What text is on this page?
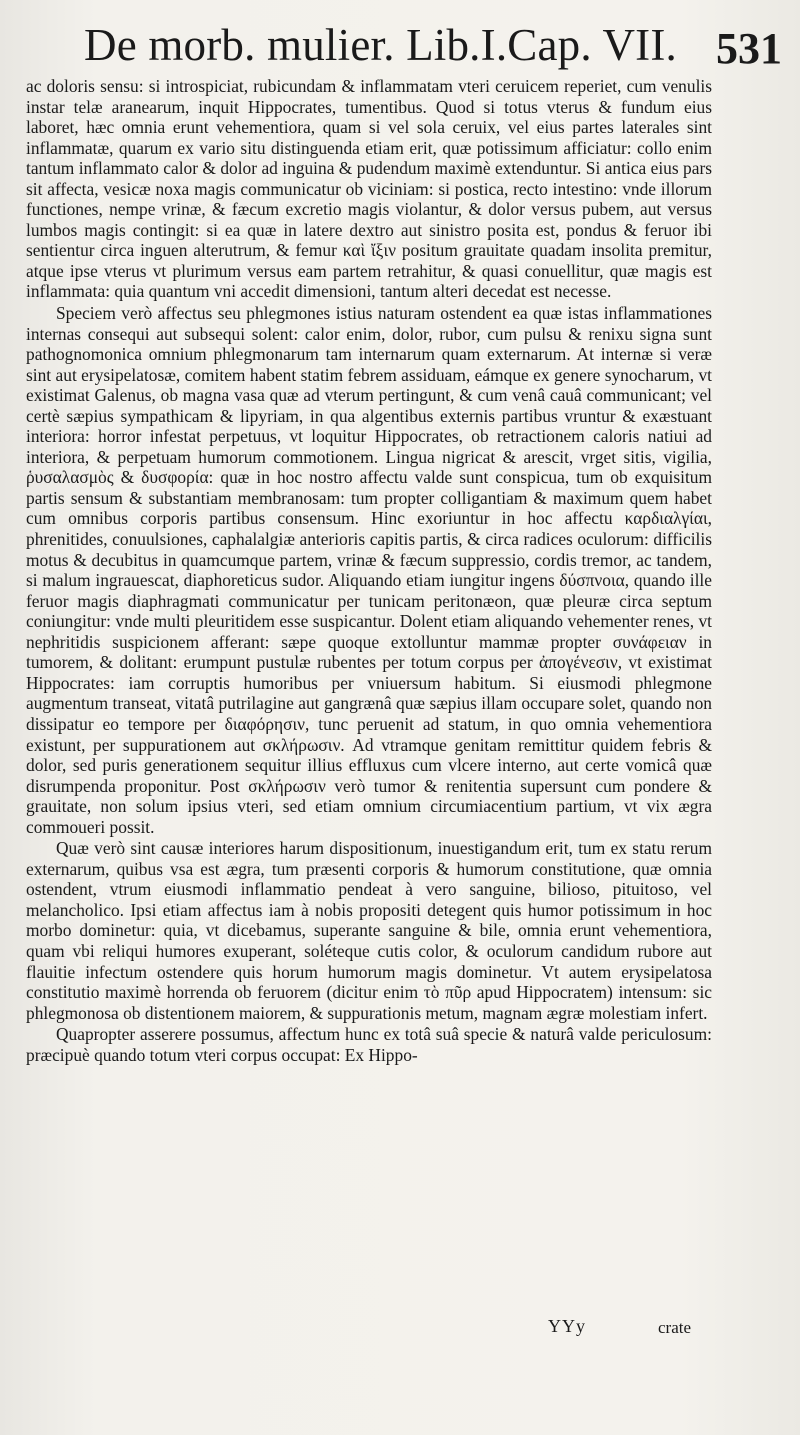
De morb. mulier. Lib.I.Cap. VII. 531

ac doloris sensu: si introspiciat, rubicundam & inflammatam vteri ceruicem reperiet, cum venulis instar telæ aranearum, inquit Hippocrates, tumentibus. Quod si totus vterus & fundum eius laboret, hæc omnia erunt vehementiora, quam si vel sola ceruix, vel eius partes laterales sint inflammatæ, quarum ex vario situ distinguenda etiam erit, quæ potissimum afficiatur: collo enim tantum inflammato calor & dolor ad inguina & pudendum maximè extenduntur. Si antica eius pars sit affecta, vesicæ noxa magis communicatur ob viciniam: si postica, recto intestino: vnde illorum functiones, nempe vrinæ, & fæcum excretio magis violantur, & dolor versus pubem, aut versus lumbos magis contingit: si ea quæ in latere dextro aut sinistro posita est, pondus & feruor ibi sentientur circa inguen alterutrum, & femur καὶ ἴξιν positum grauitate quadam insolita premitur, atque ipse vterus vt plurimum versus eam partem retrahitur, & quasi conuellitur, quæ magis est inflammata: quia quantum vni accedit dimensioni, tantum alteri decedat est necesse.

Speciem verò affectus seu phlegmones istius naturam ostendent ea quæ istas inflammationes internas consequi aut subsequi solent: calor enim, dolor, rubor, cum pulsu & renixu signa sunt pathognomonica omnium phlegmonarum tam internarum quam externarum. At internæ si veræ sint aut erysipelatosæ, comitem habent statim febrem assiduam, eámque ex genere synocharum, vt existimat Galenus, ob magna vasa quæ ad vterum pertingunt, & cum venâ cauâ communicant; vel certè sæpius sympathicam & lipyriam, in qua algentibus externis partibus vruntur & exæstuant interiora: horror infestat perpetuus, vt loquitur Hippocrates, ob retractionem caloris natiui ad interiora, & perpetuam humorum commotionem. Lingua nigricat & arescit, vrget sitis, vigilia, ῥυσαλασμὸς & δυσφορία: quæ in hoc nostro affectu valde sunt conspicua, tum ob exquisitum partis sensum & substantiam membranosam: tum propter colligantiam & maximum quem habet cum omnibus corporis partibus consensum. Hinc exoriuntur in hoc affectu καρδιαλγίαι, phrenitides, conuulsiones, caphalalgiæ anterioris capitis partis, & circa radices oculorum: difficilis motus & decubitus in quamcumque partem, vrinæ & fæcum suppressio, cordis tremor, ac tandem, si malum ingrauescat, diaphoreticus sudor. Aliquando etiam iungitur ingens δύσπνοια, quando ille feruor magis diaphragmati communicatur per tunicam peritonæon, quæ pleuræ circa septum coniungitur: vnde multi pleuritidem esse suspicantur. Dolent etiam aliquando vehementer renes, vt nephritidis suspicionem afferant: sæpe quoque extolluntur mammæ propter συνάφειαν in tumorem, & dolitant: erumpunt pustulæ rubentes per totum corpus per ἀπογένεσιν, vt existimat Hippocrates: iam corruptis humoribus per vniuersum habitum. Si eiusmodi phlegmone augmentum transeat, vitatâ putrilagine aut gangrænâ quæ sæpius illam occupare solet, quando non dissipatur eo tempore per διαφόρησιν, tunc peruenit ad statum, in quo omnia vehementiora existunt, per suppurationem aut σκλήρωσιν. Ad vtramque genitam remittitur quidem febris & dolor, sed puris generationem sequitur illius effluxus cum vlcere interno, aut certe vomicâ quæ disrumpenda proponitur. Post σκλήρωσιν verò tumor & renitentia supersunt cum pondere & grauitate, non solum ipsius vteri, sed etiam omnium circumiacentium partium, vt vix ægra commoueri possit.

Quæ verò sint causæ interiores harum dispositionum, inuestigandum erit, tum ex statu rerum externarum, quibus vsa est ægra, tum præsenti corporis & humorum constitutione, quæ omnia ostendent, vtrum eiusmodi inflammatio pendeat à vero sanguine, bilioso, pituitoso, vel melancholico. Ipsi etiam affectus iam à nobis propositi detegent quis humor potissimum in hoc morbo dominetur: quia, vt dicebamus, superante sanguine & bile, omnia erunt vehementiora, quam vbi reliqui humores exuperant, soléteque cutis color, & oculorum candidum rubore aut flauitie infectum ostendere quis horum humorum magis dominetur. Vt autem erysipelatosa constitutio maximè horrenda ob feruorem (dicitur enim τὸ πῦρ apud Hippocratem) intensum: sic phlegmonosa ob distentionem maiorem, & suppurationis metum, magnam ægræ molestiam infert.

Quapropter asserere possumus, affectum hunc ex totâ suâ specie & naturâ valde periculosum: præcipuè quando totum vteri corpus occupat: Ex Hippo-

YYy	crate
